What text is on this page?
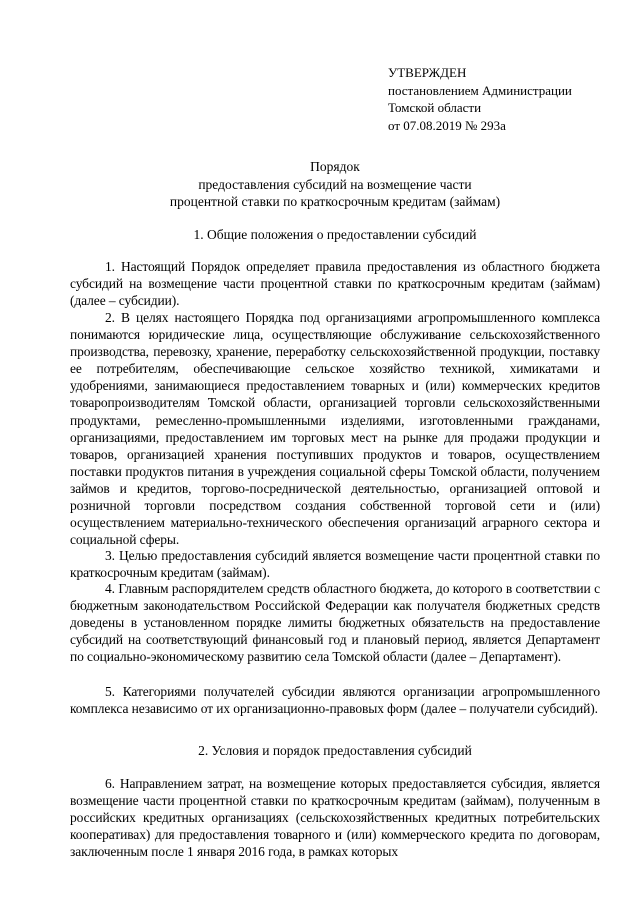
УТВЕРЖДЕН
постановлением Администрации
Томской области
от 07.08.2019 № 293а
Порядок
предоставления субсидий на возмещение части
процентной ставки по краткосрочным кредитам (займам)
1. Общие положения о предоставлении субсидий
1. Настоящий Порядок определяет правила предоставления из областного бюджета субсидий на возмещение части процентной ставки по краткосрочным кредитам (займам) (далее – субсидии).
2. В целях настоящего Порядка под организациями агропромышленного комплекса понимаются юридические лица, осуществляющие обслуживание сельскохозяйственного производства, перевозку, хранение, переработку сельскохозяйственной продукции, поставку ее потребителям, обеспечивающие сельское хозяйство техникой, химикатами и удобрениями, занимающиеся предоставлением товарных и (или) коммерческих кредитов товаропроизводителям Томской области, организацией торговли сельскохозяйственными продуктами, ремесленно-промышленными изделиями, изготовленными гражданами, организациями, предоставлением им торговых мест на рынке для продажи продукции и товаров, организацией хранения поступивших продуктов и товаров, осуществлением поставки продуктов питания в учреждения социальной сферы Томской области, получением займов и кредитов, торгово-посреднической деятельностью, организацией оптовой и розничной торговли посредством создания собственной торговой сети и (или) осуществлением материально-технического обеспечения организаций аграрного сектора и социальной сферы.
3. Целью предоставления субсидий является возмещение части процентной ставки по краткосрочным кредитам (займам).
4. Главным распорядителем средств областного бюджета, до которого в соответствии с бюджетным законодательством Российской Федерации как получателя бюджетных средств доведены в установленном порядке лимиты бюджетных обязательств на предоставление субсидий на соответствующий финансовый год и плановый период, является Департамент по социально-экономическому развитию села Томской области (далее – Департамент).
5. Категориями получателей субсидии являются организации агропромышленного комплекса независимо от их организационно-правовых форм (далее – получатели субсидий).
2. Условия и порядок предоставления субсидий
6. Направлением затрат, на возмещение которых предоставляется субсидия, является возмещение части процентной ставки по краткосрочным кредитам (займам), полученным в российских кредитных организациях (сельскохозяйственных кредитных потребительских кооперативах) для предоставления товарного и (или) коммерческого кредита по договорам, заключенным после 1 января 2016 года, в рамках которых
